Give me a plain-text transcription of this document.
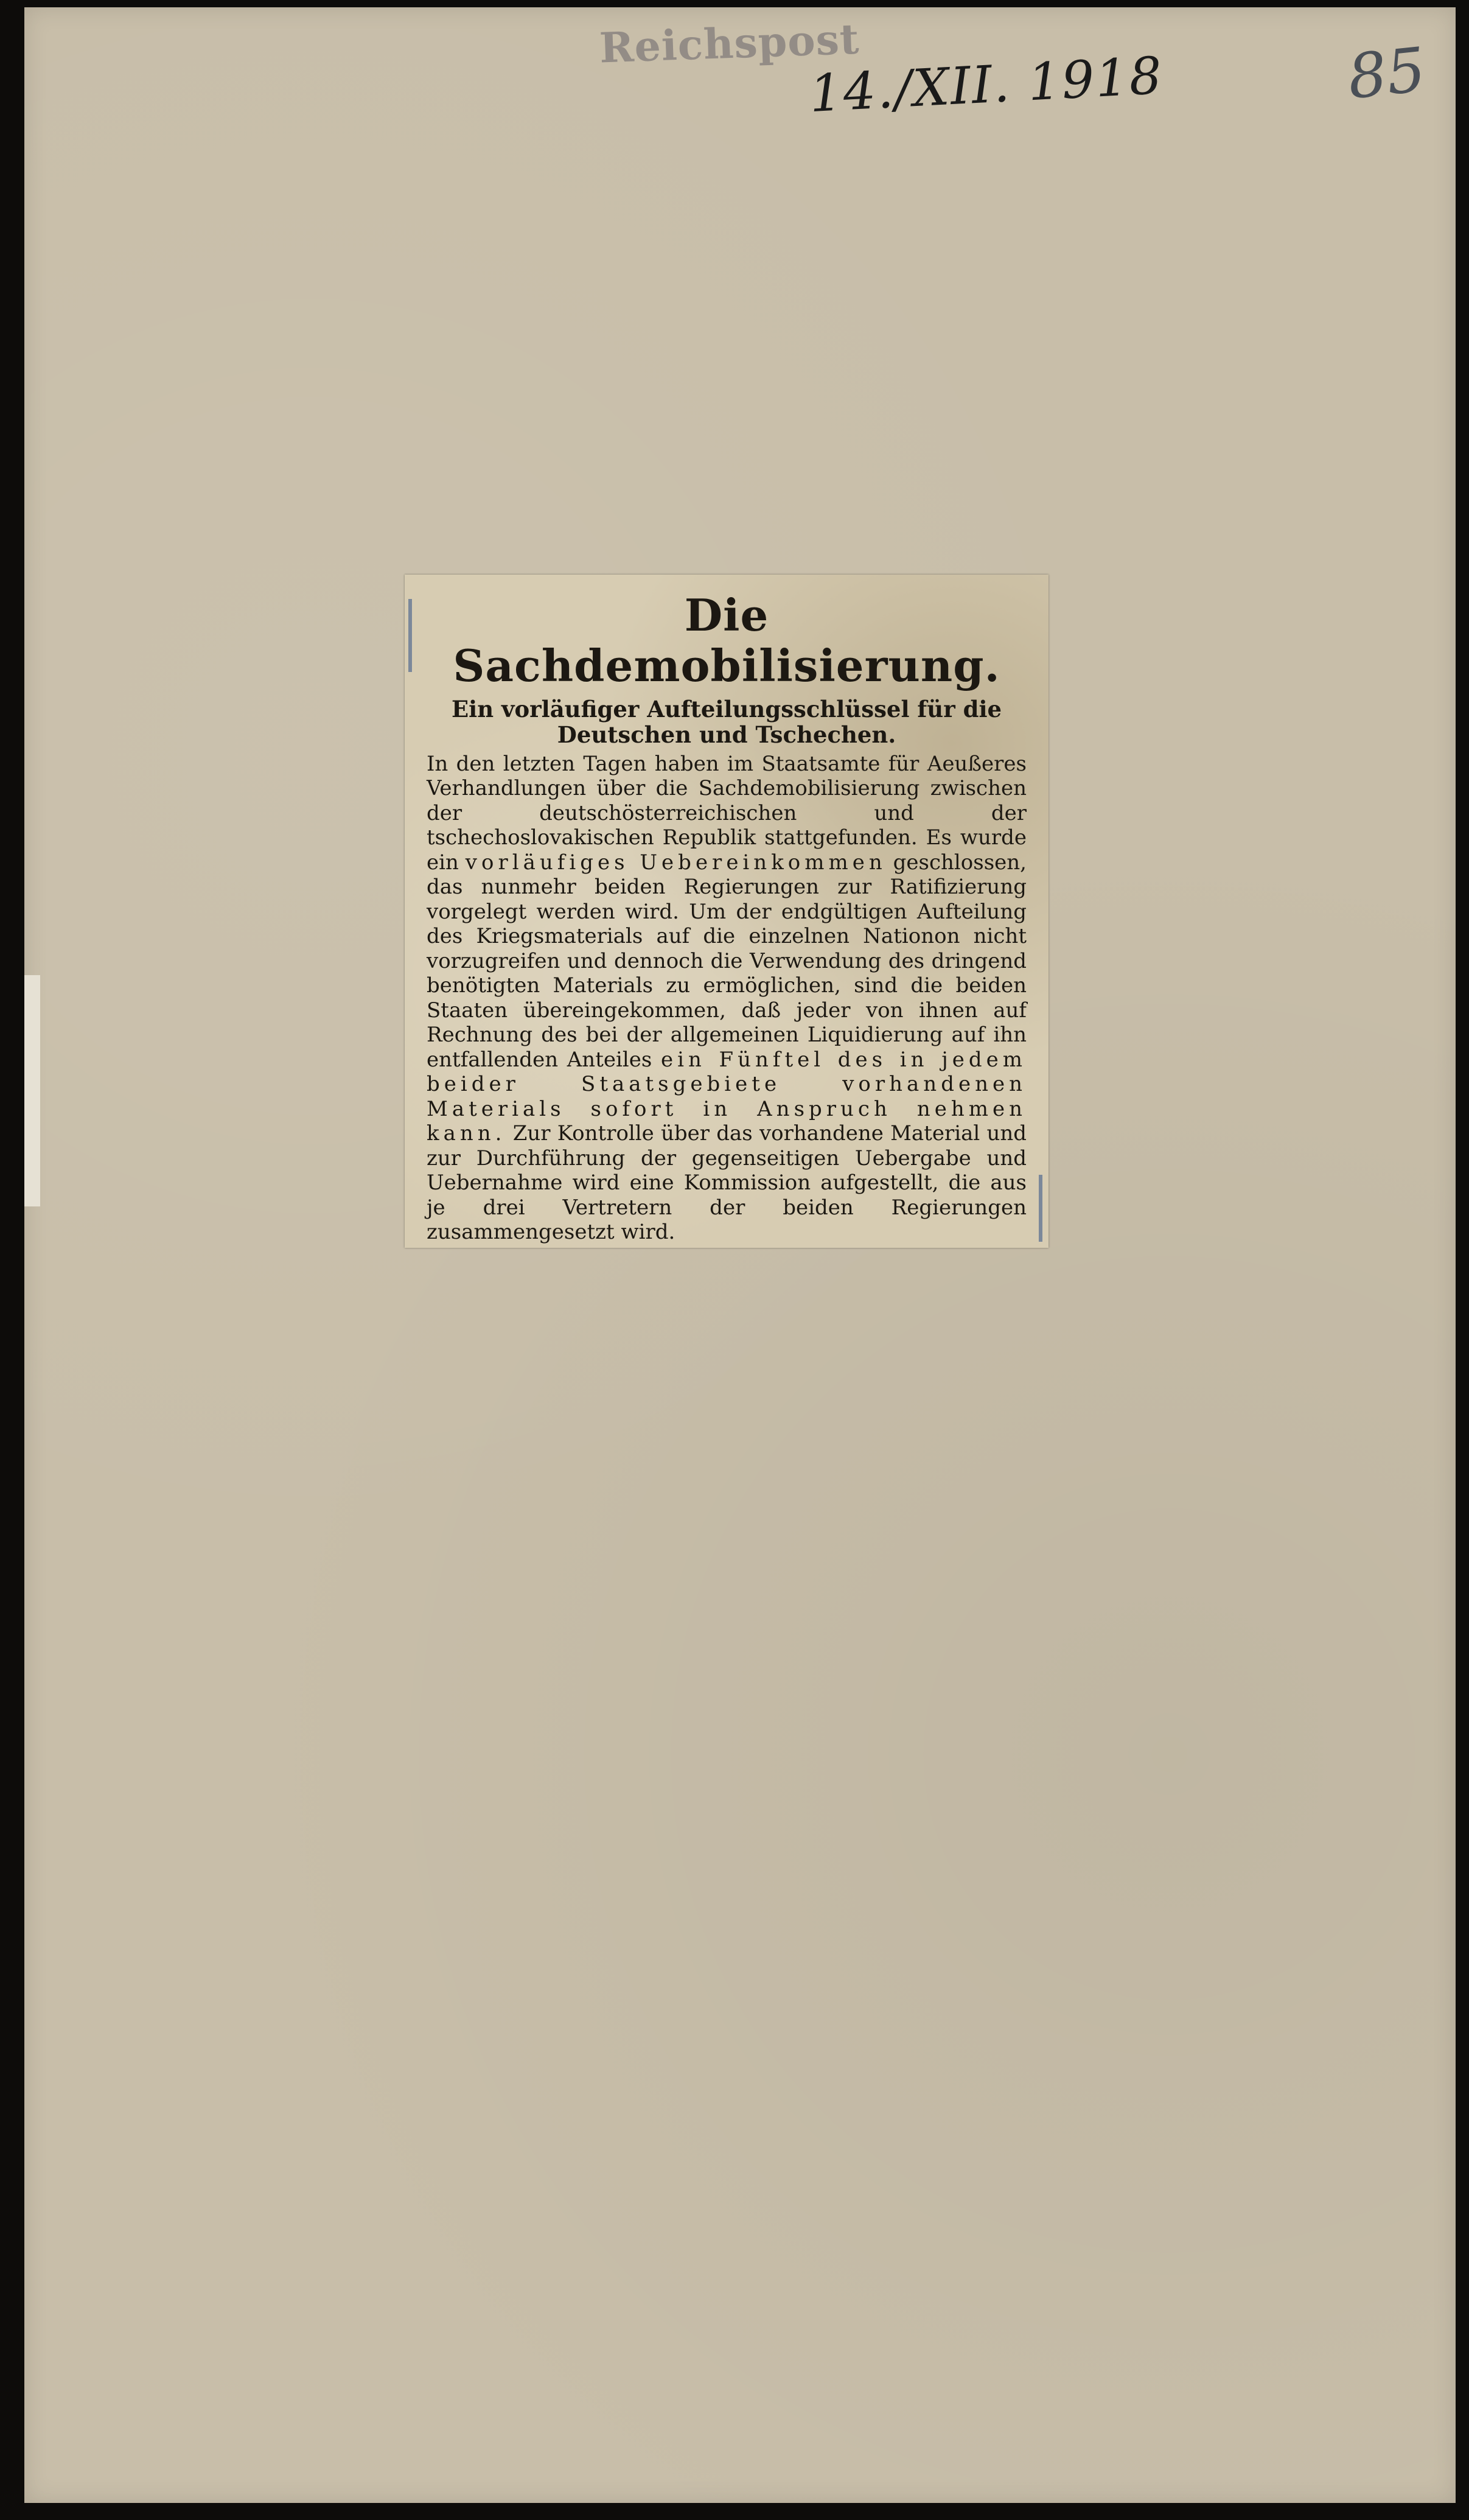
Reichspost
14./XII. 1918	85
Die Sachdemobilisierung.
Ein vorläufiger Aufteilungsschlüssel für die Deutschen und Tschechen.

In den letzten Tagen haben im Staatsamte für Aeußeres Verhandlungen über die Sachdemobilisierung zwischen der deutschösterreichischen und der tschechoslovakischen Republik stattgefunden. Es wurde ein vorläufiges Uebereinkommen geschlossen, das nunmehr beiden Regierungen zur Ratifizierung vorgelegt werden wird. Um der endgültigen Aufteilung des Kriegsmaterials auf die einzelnen Nationon nicht vorzugreifen und dennoch die Verwendung des dringend benötigten Materials zu ermöglichen, sind die beiden Staaten übereingekommen, daß jeder von ihnen auf Rechnung des bei der allgemeinen Liquidierung auf ihn entfallenden Anteiles ein Fünftel des in jedem beider Staatsgebiete vorhandenen Materials sofort in Anspruch nehmen kann. Zur Kontrolle über das vorhandene Material und zur Durchführung der gegenseitigen Uebergabe und Uebernahme wird eine Kommission aufgestellt, die aus je drei Vertretern der beiden Regierungen zusammengesetzt wird.
